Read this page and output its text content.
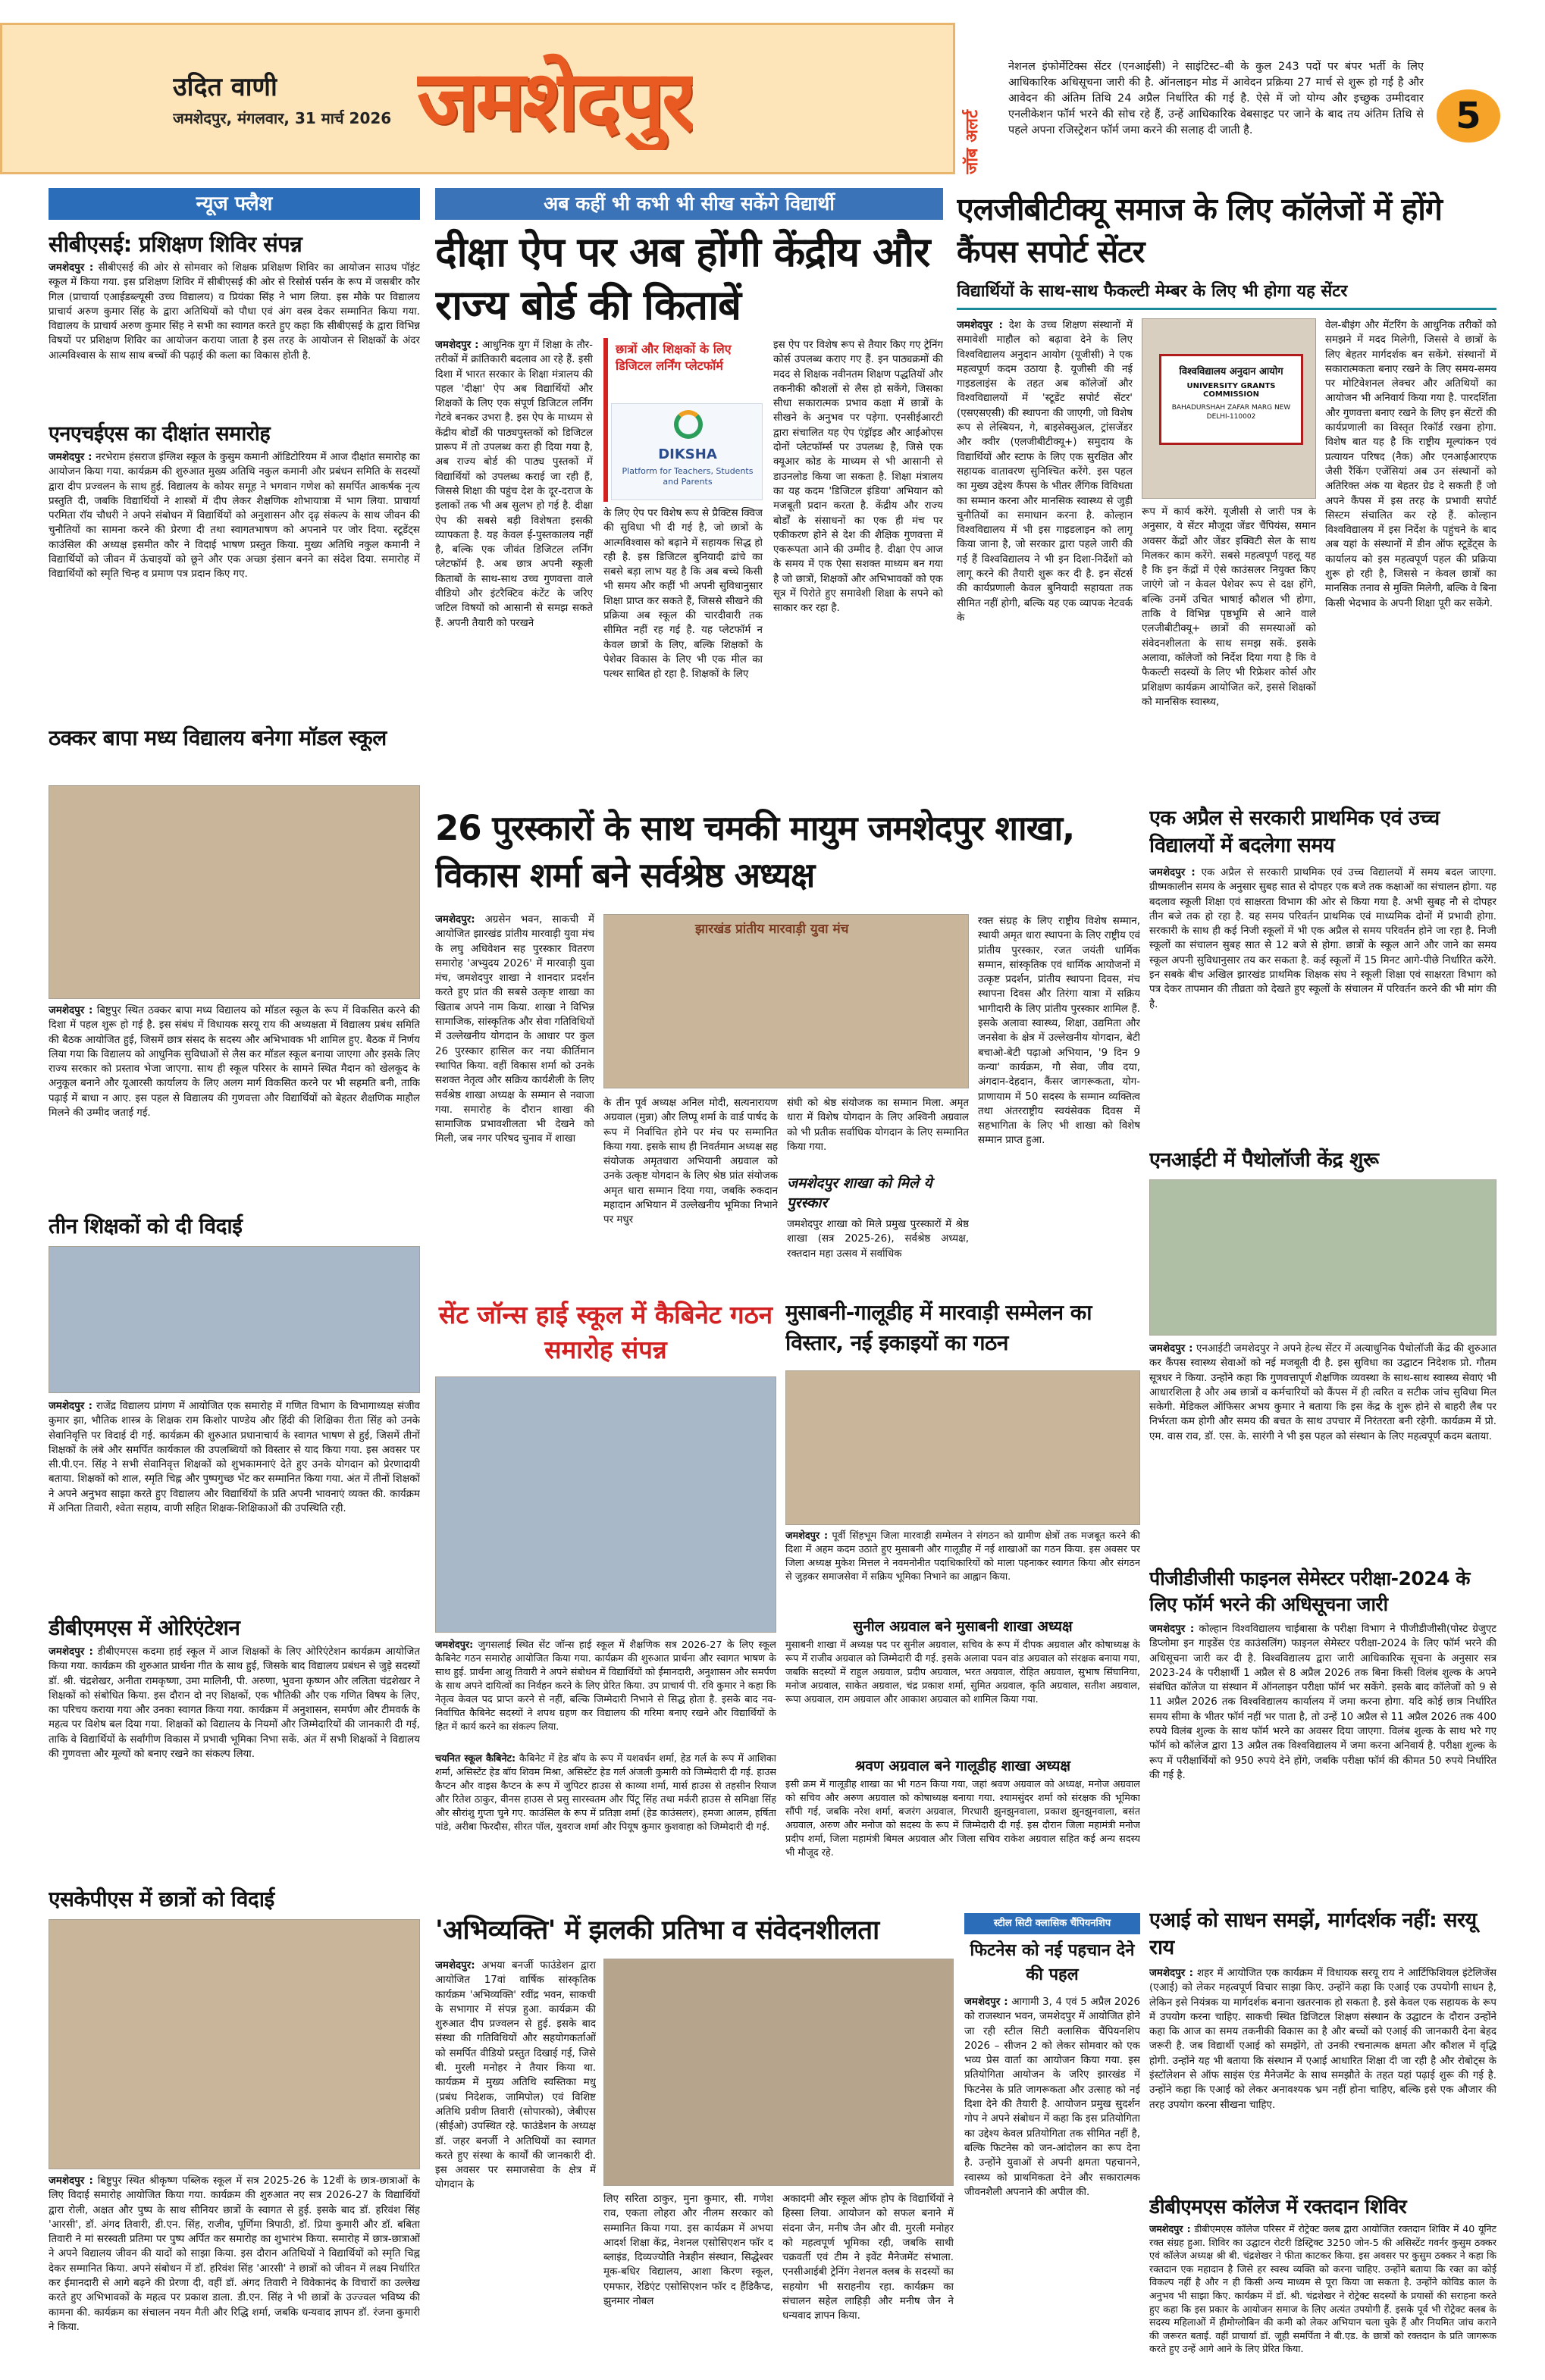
उदित वाणी
जमशेदपुर, मंगलवार, 31 मार्च 2026 जमशेदपुर	जॉब अलर्ट
नेशनल इंफोर्मेटिक्स सेंटर (एनआईसी) ने साइंटिस्ट–बी के कुल 243 पदों पर बंपर भर्ती के लिए आधिकारिक अधिसूचना जारी की है. ऑनलाइन मोड में आवेदन प्रक्रिया 27 मार्च से शुरू हो गई है और आवेदन की अंतिम तिथि 24 अप्रैल निर्धारित की गई है. ऐसे में जो योग्य और इच्छुक उम्मीदवार एनलीकेशन फॉर्म भरने की सोच रहे हैं, उन्हें आधिकारिक वेबसाइट पर जाने के बाद तय अंतिम तिथि से पहले अपना रजिस्ट्रेशन फॉर्म जमा करने की सलाह दी जाती है.	5
न्यूज फ्लैश
सीबीएसई: प्रशिक्षण शिविर संपन्न
जमशेदपुर : सीबीएसई की ओर से सोमवार को शिक्षक प्रशिक्षण शिविर का आयोजन साउथ पॉइंट स्कूल में किया गया. इस प्रशिक्षण शिविर में सीबीएसई की ओर से रिसोर्स पर्सन के रूप में जसबीर कौर गिल (प्राचार्या एआईडब्ल्यूसी उच्च विद्यालय) व प्रियंका सिंह ने भाग लिया. इस मौके पर विद्यालय प्राचार्य अरुण कुमार सिंह के द्वारा अतिथियों को पौधा एवं अंग वस्त्र देकर सम्मानित किया गया. विद्यालय के प्राचार्य अरुण कुमार सिंह ने सभी का स्वागत करते हुए कहा कि सीबीएसई के द्वारा विभिन्न विषयों पर प्रशिक्षण शिविर का आयोजन कराया जाता है इस तरह के आयोजन से शिक्षकों के अंदर आत्मविश्वास के साथ साथ बच्चों की पढ़ाई की कला का विकास होती है.
एनएचईएस का दीक्षांत समारोह
जमशेदपुर : नरभेराम हंसराज इंग्लिश स्कूल के कुसुम कमानी ऑडिटोरियम में आज दीक्षांत समारोह का आयोजन किया गया. कार्यक्रम की शुरुआत मुख्य अतिथि नकुल कमानी और प्रबंधन समिति के सदस्यों द्वारा दीप प्रज्वलन के साथ हुई. विद्यालय के कोयर समूह ने भगवान गणेश को समर्पित आकर्षक नृत्य प्रस्तुति दी, जबकि विद्यार्थियों ने शास्त्रों में दीप लेकर शैक्षणिक शोभायात्रा में भाग लिया. प्राचार्या परमिता राॅय चौधरी ने अपने संबोधन में विद्यार्थियों को अनुशासन और दृढ़ संकल्प के साथ जीवन की चुनौतियों का सामना करने की प्रेरणा दी तथा स्वागतभाषण को अपनाने पर जोर दिया. स्टूडेंट्स काउंसिल की अध्यक्ष इसमीत कौर ने विदाई भाषण प्रस्तुत किया. मुख्य अतिथि नकुल कमानी ने विद्यार्थियों को जीवन में ऊंचाइयों को छूने और एक अच्छा इंसान बनने का संदेश दिया. समारोह में विद्यार्थियों को स्मृति चिन्ह व प्रमाण पत्र प्रदान किए गए.
ठक्कर बापा मध्य विद्यालय बनेगा मॉडल स्कूल
जमशेदपुर : बिष्टुपुर स्थित ठक्कर बापा मध्य विद्यालय को मॉडल स्कूल के रूप में विकसित करने की दिशा में पहल शुरू हो गई है. इस संबंध में विधायक सरयू राय की अध्यक्षता में विद्यालय प्रबंध समिति की बैठक आयोजित हुई, जिसमें छात्र संसद के सदस्य और अभिभावक भी शामिल हुए. बैठक में निर्णय लिया गया कि विद्यालय को आधुनिक सुविधाओं से लैस कर मॉडल स्कूल बनाया जाएगा और इसके लिए राज्य सरकार को प्रस्ताव भेजा जाएगा. साथ ही स्कूल परिसर के सामने स्थित मैदान को खेलकूद के अनुकूल बनाने और यूआरसी कार्यालय के लिए अलग मार्ग विकसित करने पर भी सहमति बनी, ताकि पढ़ाई में बाधा न आए. इस पहल से विद्यालय की गुणवत्ता और विद्यार्थियों को बेहतर शैक्षणिक माहौल मिलने की उम्मीद जताई गई.
तीन शिक्षकों को दी विदाई
जमशेदपुर : राजेंद्र विद्यालय प्रांगण में आयोजित एक समारोह में गणित विभाग के विभागाध्यक्ष संजीव कुमार झा, भौतिक शास्त्र के शिक्षक राम किशोर पाण्डेय और हिंदी की शिक्षिका रीता सिंह को उनके सेवानिवृत्ति पर विदाई दी गई. कार्यक्रम की शुरुआत प्रधानाचार्य के स्वागत भाषण से हुई, जिसमें तीनों शिक्षकों के लंबे और समर्पित कार्यकाल की उपलब्धियों को विस्तार से याद किया गया. इस अवसर पर सी.पी.एन. सिंह ने सभी सेवानिवृत्त शिक्षकों को शुभकामनाएं देते हुए उनके योगदान को प्रेरणादायी बताया. शिक्षकों को शाल, स्मृति चिह्न और पुष्पगुच्छ भेंट कर सम्मानित किया गया. अंत में तीनों शिक्षकों ने अपने अनुभव साझा करते हुए विद्यालय और विद्यार्थियों के प्रति अपनी भावनाएं व्यक्त की. कार्यक्रम में अनिता तिवारी, श्वेता सहाय, वाणी सहित शिक्षक-शिक्षिकाओं की उपस्थिति रही.
डीबीएमएस में ओरिएंटेशन
जमशेदपुर : डीबीएमएस कदमा हाई स्कूल में आज शिक्षकों के लिए ओरिएंटेशन कार्यक्रम आयोजित किया गया. कार्यक्रम की शुरुआत प्रार्थना गीत के साथ हुई, जिसके बाद विद्यालय प्रबंधन से जुड़े सदस्यों डॉ. श्री. चंद्रशेखर, अनीता रामकृष्णा, उमा मालिनी, पी. अरुणा, भुवना कृष्णन और ललिता चंद्रशेखर ने शिक्षकों को संबोधित किया. इस दौरान दो नए शिक्षकों, एक भौतिकी और एक गणित विषय के लिए, का परिचय कराया गया और उनका स्वागत किया गया. कार्यक्रम में अनुशासन, समर्पण और टीमवर्क के महत्व पर विशेष बल दिया गया. शिक्षकों को विद्यालय के नियमों और जिम्मेदारियों की जानकारी दी गई, ताकि वे विद्यार्थियों के सर्वांगीण विकास में प्रभावी भूमिका निभा सकें. अंत में सभी शिक्षकों ने विद्यालय की गुणवत्ता और मूल्यों को बनाए रखने का संकल्प लिया.
एसकेपीएस में छात्रों को विदाई
जमशेदपुर : बिष्टुपुर स्थित श्रीकृष्ण पब्लिक स्कूल में सत्र 2025-26 के 12वीं के छात्र-छात्राओं के लिए विदाई समारोह आयोजित किया गया. कार्यक्रम की शुरुआत नए सत्र 2026-27 के विद्यार्थियों द्वारा रोली, अक्षत और पुष्प के साथ सीनियर छात्रों के स्वागत से हुई. इसके बाद डॉ. हरिवंश सिंह 'आरसी', डॉ. अंगद तिवारी, डी.एन. सिंह, राजीव, पूर्णिमा त्रिपाठी, डॉ. प्रिया कुमारी और डॉ. बबिता तिवारी ने मां सरस्वती प्रतिमा पर पुष्प अर्पित कर समारोह का शुभारंभ किया. समारोह में छात्र-छात्राओं ने अपने विद्यालय जीवन की यादों को साझा किया. इस दौरान अतिथियों ने विद्यार्थियों को स्मृति चिह्न देकर सम्मानित किया. अपने संबोधन में डॉ. हरिवंश सिंह 'आरसी' ने छात्रों को जीवन में लक्ष्य निर्धारित कर ईमानदारी से आगे बढ़ने की प्रेरणा दी, वहीं डॉ. अंगद तिवारी ने विवेकानंद के विचारों का उल्लेख करते हुए अभिभावकों के महत्व पर प्रकाश डाला. डी.एन. सिंह ने भी छात्रों के उज्ज्वल भविष्य की कामना की. कार्यक्रम का संचालन नयन मैती और रिद्धि शर्मा, जबकि धन्यवाद ज्ञापन डॉ. रंजना कुमारी ने किया.
अब कहीं भी कभी भी सीख सकेंगे विद्यार्थी
दीक्षा ऐप पर अब होंगी केंद्रीय और राज्य बोर्ड की किताबें
जमशेदपुर : आधुनिक युग में शिक्षा के तौर-तरीकों में क्रांतिकारी बदलाव आ रहे हैं. इसी दिशा में भारत सरकार के शिक्षा मंत्रालय की पहल 'दीक्षा' ऐप अब विद्यार्थियों और शिक्षकों के लिए एक संपूर्ण डिजिटल लर्निंग गेटवे बनकर उभरा है. इस ऐप के माध्यम से केंद्रीय बोर्डों की पाठ्यपुस्तकों को डिजिटल प्रारूप में तो उपलब्ध करा ही दिया गया है, अब राज्य बोर्ड की पाठ्य पुस्तकों में विद्यार्थियों को उपलब्ध कराई जा रही हैं, जिससे शिक्षा की पहुंच देश के दूर-दराज के इलाकों तक भी अब सुलभ हो गई है. दीक्षा ऐप की सबसे बड़ी विशेषता इसकी व्यापकता है. यह केवल ई-पुस्तकालय नहीं है, बल्कि एक जीवंत डिजिटल लर्निंग प्लेटफॉर्म है. अब छात्र अपनी स्कूली किताबों के साथ-साथ उच्च गुणवत्ता वाले वीडियो और इंटरैक्टिव कंटेंट के जरिए जटिल विषयों को आसानी से समझ सकते हैं. अपनी तैयारी को परखने
छात्रों और शिक्षकों के लिए डिजिटल लर्निंग प्लेटफॉर्म
DIKSHA
Platform for Teachers, Students and Parents
के लिए ऐप पर विशेष रूप से प्रैक्टिस क्विज की सुविधा भी दी गई है, जो छात्रों के आत्मविश्वास को बढ़ाने में सहायक सिद्ध हो रही है. इस डिजिटल बुनियादी ढांचे का सबसे बड़ा लाभ यह है कि अब बच्चे किसी भी समय और कहीं भी अपनी सुविधानुसार शिक्षा प्राप्त कर सकते हैं, जिससे सीखने की प्रक्रिया अब स्कूल की चारदीवारी तक सीमित नहीं रह गई है. यह प्लेटफॉर्म न केवल छात्रों के लिए, बल्कि शिक्षकों के पेशेवर विकास के लिए भी एक मील का पत्थर साबित हो रहा है. शिक्षकों के लिए
इस ऐप पर विशेष रूप से तैयार किए गए ट्रेनिंग कोर्स उपलब्ध कराए गए हैं. इन पाठ्यक्रमों की मदद से शिक्षक नवीनतम शिक्षण पद्धतियों और तकनीकी कौशलों से लैस हो सकेंगे, जिसका सीधा सकारात्मक प्रभाव कक्षा में छात्रों के सीखने के अनुभव पर पड़ेगा. एनसीईआरटी द्वारा संचालित यह ऐप एंड्रॉइड और आईओएस दोनों प्लेटफॉर्म्स पर उपलब्ध है, जिसे एक क्यूआर कोड के माध्यम से भी आसानी से डाउनलोड किया जा सकता है. शिक्षा मंत्रालय का यह कदम 'डिजिटल इंडिया' अभियान को मजबूती प्रदान करता है. केंद्रीय और राज्य बोर्डों के संसाधनों का एक ही मंच पर एकीकरण होने से देश की शैक्षिक गुणवत्ता में एकरूपता आने की उम्मीद है. दीक्षा ऐप आज के समय में एक ऐसा सशक्त माध्यम बन गया है जो छात्रों, शिक्षकों और अभिभावकों को एक सूत्र में पिरोते हुए समावेशी शिक्षा के सपने को साकार कर रहा है.
एलजीबीटीक्यू समाज के लिए कॉलेजों में होंगे कैंपस सपोर्ट सेंटर
विद्यार्थियों के साथ-साथ फैकल्टी मेम्बर के लिए भी होगा यह सेंटर
जमशेदपुर : देश के उच्च शिक्षण संस्थानों में समावेशी माहौल को बढ़ावा देने के लिए विश्वविद्यालय अनुदान आयोग (यूजीसी) ने एक महत्वपूर्ण कदम उठाया है. यूजीसी की नई गाइडलाइंस के तहत अब कॉलेजों और विश्वविद्यालयों में 'स्टूडेंट सपोर्ट सेंटर' (एसएसएसी) की स्थापना की जाएगी, जो विशेष रूप से लेस्बियन, गे, बाइसेक्सुअल, ट्रांसजेंडर और क्वीर (एलजीबीटीक्यू+) समुदाय के विद्यार्थियों और स्टाफ के लिए एक सुरक्षित और सहायक वातावरण सुनिश्चित करेंगे. इस पहल का मुख्य उद्देश्य कैंपस के भीतर लैंगिक विविधता का सम्मान करना और मानसिक स्वास्थ्य से जुड़ी चुनौतियों का समाधान करना है. कोल्हान विश्वविद्यालय में भी इस गाइडलाइन को लागू किया जाना है, जो सरकार द्वारा पहले जारी की गई हैं विश्वविद्यालय ने भी इन दिशा-निर्देशों को लागू करने की तैयारी शुरू कर दी है. इन सेंटर्स की कार्यप्रणाली केवल बुनियादी सहायता तक सीमित नहीं होगी, बल्कि यह एक व्यापक नेटवर्क के
विश्वविद्यालय अनुदान आयोग
UNIVERSITY GRANTS COMMISSION
BAHADURSHAH ZAFAR MARG NEW DELHI-110002
रूप में कार्य करेंगे. यूजीसी से जारी पत्र के अनुसार, ये सेंटर मौजूदा जेंडर चैंपियंस, समान अवसर केंद्रों और जेंडर इक्विटी सेल के साथ मिलकर काम करेंगे. सबसे महत्वपूर्ण पहलू यह है कि इन केंद्रों में ऐसे काउंसलर नियुक्त किए जाएंगे जो न केवल पेशेवर रूप से दक्ष होंगे, बल्कि उनमें उचित भाषाई कौशल भी होगा, ताकि वे विभिन्न पृष्ठभूमि से आने वाले एलजीबीटीक्यू+ छात्रों की समस्याओं को संवेदनशीलता के साथ समझ सकें. इसके अलावा, कॉलेजों को निर्देश दिया गया है कि वे फैकल्टी सदस्यों के लिए भी रिफ्रेशर कोर्स और प्रशिक्षण कार्यक्रम आयोजित करें, इससे शिक्षकों को मानसिक स्वास्थ्य,
वेल-बीइंग और मेंटरिंग के आधुनिक तरीकों को समझने में मदद मिलेगी, जिससे वे छात्रों के लिए बेहतर मार्गदर्शक बन सकेंगे. संस्थानों में सकारात्मकता बनाए रखने के लिए समय-समय पर मोटिवेशनल लेक्चर और अतिथियों का आयोजन भी अनिवार्य किया गया है. पारदर्शिता और गुणवत्ता बनाए रखने के लिए इन सेंटरों की कार्यप्रणाली का विस्तृत रिकॉर्ड रखना होगा. विशेष बात यह है कि राष्ट्रीय मूल्यांकन एवं प्रत्यायन परिषद (नैक) और एनआईआरएफ जैसी रैंकिंग एजेंसियां अब उन संस्थानों को अतिरिक्त अंक या बेहतर ग्रेड दे सकती हैं जो अपने कैंपस में इस तरह के प्रभावी सपोर्ट सिस्टम संचालित कर रहे हैं. कोल्हान विश्वविद्यालय में इस निर्देश के पहुंचने के बाद अब यहां के संस्थानों में डीन ऑफ स्टूडेंट्स के कार्यालय को इस महत्वपूर्ण पहल की प्रक्रिया शुरू हो रही है, जिससे न केवल छात्रों का मानसिक तनाव से मुक्ति मिलेगी, बल्कि वे बिना किसी भेदभाव के अपनी शिक्षा पूरी कर सकेंगे.
26 पुरस्कारों के साथ चमकी मायुम जमशेदपुर शाखा, विकास शर्मा बने सर्वश्रेष्ठ अध्यक्ष
जमशेदपुर: अग्रसेन भवन, साकची में आयोजित झारखंड प्रांतीय मारवाड़ी युवा मंच के लघु अधिवेशन सह पुरस्कार वितरण समारोह 'अभ्युदय 2026' में मारवाड़ी युवा मंच, जमशेदपुर शाखा ने शानदार प्रदर्शन करते हुए प्रांत की सबसे उत्कृष्ट शाखा का खिताब अपने नाम किया. शाखा ने विभिन्न सामाजिक, सांस्कृतिक और सेवा गतिविधियों में उल्लेखनीय योगदान के आधार पर कुल 26 पुरस्कार हासिल कर नया कीर्तिमान स्थापित किया. वहीं विकास शर्मा को उनके सशक्त नेतृत्व और सक्रिय कार्यशैली के लिए सर्वश्रेष्ठ शाखा अध्यक्ष के सम्मान से नवाजा गया. समारोह के दौरान शाखा की सामाजिक प्रभावशीलता भी देखने को मिली, जब नगर परिषद चुनाव में शाखा
झारखंड प्रांतीय मारवाड़ी युवा मंच
के तीन पूर्व अध्यक्ष अनिल मोदी, सत्यनारायण अग्रवाल (मुन्ना) और लिप्पू शर्मा के वार्ड पार्षद के रूप में निर्वाचित होने पर मंच पर सम्मानित किया गया. इसके साथ ही निवर्तमान अध्यक्ष सह संयोजक अमृतधारा अभियानी अग्रवाल को उनके उत्कृष्ट योगदान के लिए श्रेष्ठ प्रांत संयोजक अमृत धारा सम्मान दिया गया, जबकि रुकदान महादान अभियान में उल्लेखनीय भूमिका निभाने पर मधुर
संघी को श्रेष्ठ संयोजक का सम्मान मिला. अमृत धारा में विशेष योगदान के लिए अश्विनी अग्रवाल को भी प्रतीक सर्वाधिक योगदान के लिए सम्मानित किया गया.
जमशेदपुर शाखा को मिले ये पुरस्कार
जमशेदपुर शाखा को मिले प्रमुख पुरस्कारों में श्रेष्ठ शाखा (सत्र 2025-26), सर्वश्रेष्ठ अध्यक्ष, रक्तदान महा उत्सव में सर्वाधिक
रक्त संग्रह के लिए राष्ट्रीय विशेष सम्मान, स्थायी अमृत धारा स्थापना के लिए राष्ट्रीय एवं प्रांतीय पुरस्कार, रजत जयंती धार्मिक सम्मान, सांस्कृतिक एवं धार्मिक आयोजनों में उत्कृष्ट प्रदर्शन, प्रांतीय स्थापना दिवस, मंच स्थापना दिवस और तिरंगा यात्रा में सक्रिय भागीदारी के लिए प्रांतीय पुरस्कार शामिल हैं. इसके अलावा स्वास्थ्य, शिक्षा, उद्यमिता और जनसेवा के क्षेत्र में उल्लेखनीय योगदान, बेटी बचाओ-बेटी पढ़ाओ अभियान, '9 दिन 9 कन्या' कार्यक्रम, गौ सेवा, जीव दया, अंगदान-देहदान, कैंसर जागरूकता, योग-प्राणायाम में 50 सदस्य के सम्मान व्यक्तित्व तथा अंतरराष्ट्रीय स्वयंसेवक दिवस में सहभागिता के लिए भी शाखा को विशेष सम्मान प्राप्त हुआ.
एक अप्रैल से सरकारी प्राथमिक एवं उच्च विद्यालयों में बदलेगा समय
जमशेदपुर : एक अप्रैल से सरकारी प्राथमिक एवं उच्च विद्यालयों में समय बदल जाएगा. ग्रीष्मकालीन समय के अनुसार सुबह सात से दोपहर एक बजे तक कक्षाओं का संचालन होगा. यह बदलाव स्कूली शिक्षा एवं साक्षरता विभाग की ओर से किया गया है. अभी सुबह नौ से दोपहर तीन बजे तक हो रहा है. यह समय परिवर्तन प्राथमिक एवं माध्यमिक दोनों में प्रभावी होगा. सरकारी के साथ ही कई निजी स्कूलों में भी एक अप्रैल से समय परिवर्तन होने जा रहा है. निजी स्कूलों का संचालन सुबह सात से 12 बजे से होगा. छात्रों के स्कूल आने और जाने का समय स्कूल अपनी सुविधानुसार तय कर सकता है. कई स्कूलों में 15 मिनट आगे-पीछे निर्धारित करेंगे. इन सबके बीच अखिल झारखंड प्राथमिक शिक्षक संघ ने स्कूली शिक्षा एवं साक्षरता विभाग को पत्र देकर तापमान की तीव्रता को देखते हुए स्कूलों के संचालन में परिवर्तन करने की भी मांग की है.
एनआईटी में पैथोलॉजी केंद्र शुरू
जमशेदपुर : एनआईटी जमशेदपुर ने अपने हेल्थ सेंटर में अत्याधुनिक पैथोलॉजी केंद्र की शुरुआत कर कैंपस स्वास्थ्य सेवाओं को नई मजबूती दी है. इस सुविधा का उद्घाटन निदेशक प्रो. गौतम सूत्रधर ने किया. उन्होंने कहा कि गुणवत्तापूर्ण शैक्षणिक व्यवस्था के साथ-साथ स्वास्थ्य सेवाएं भी आधारशिला है और अब छात्रों व कर्मचारियों को कैंपस में ही त्वरित व सटीक जांच सुविधा मिल सकेगी. मेडिकल ऑफिसर अभय कुमार ने बताया कि इस केंद्र के शुरू होने से बाहरी लैब पर निर्भरता कम होगी और समय की बचत के साथ उपचार में निरंतरता बनी रहेगी. कार्यक्रम में प्रो. एम. वास राव, डॉ. एस. के. सारंगी ने भी इस पहल को संस्थान के लिए महत्वपूर्ण कदम बताया.
पीजीडीजीसी फाइनल सेमेस्टर परीक्षा-2024 के लिए फॉर्म भरने की अधिसूचना जारी
जमशेदपुर : कोल्हान विश्वविद्यालय चाईबासा के परीक्षा विभाग ने पीजीडीजीसी(पोस्ट ग्रेजुएट डिप्लोमा इन गाइडेंस एंड काउंसलिंग) फाइनल सेमेस्टर परीक्षा-2024 के लिए फॉर्म भरने की अधिसूचना जारी कर दी है. विश्वविद्यालय द्वारा जारी आधिकारिक सूचना के अनुसार सत्र 2023-24 के परीक्षार्थी 1 अप्रैल से 8 अप्रैल 2026 तक बिना किसी विलंब शुल्क के अपने संबंधित कॉलेज या संस्थान में ऑनलाइन परीक्षा फॉर्म भर सकेंगे. इसके बाद कॉलेजों को 9 से 11 अप्रैल 2026 तक विश्वविद्यालय कार्यालय में जमा करना होगा. यदि कोई छात्र निर्धारित समय सीमा के भीतर फॉर्म नहीं भर पाता है, तो उन्हें 10 अप्रैल से 11 अप्रैल 2026 तक 400 रुपये विलंब शुल्क के साथ फॉर्म भरने का अवसर दिया जाएगा. विलंब शुल्क के साथ भरे गए फॉर्म को कॉलेज द्वारा 13 अप्रैल तक विश्वविद्यालय में जमा करना अनिवार्य है. परीक्षा शुल्क के रूप में परीक्षार्थियों को 950 रुपये देने होंगे, जबकि परीक्षा फॉर्म की कीमत 50 रुपये निर्धारित की गई है.
एआई को साधन समझें, मार्गदर्शक नहीं: सरयू राय
जमशेदपुर : शहर में आयोजित एक कार्यक्रम में विधायक सरयू राय ने आर्टिफिशियल इंटेलिजेंस (एआई) को लेकर महत्वपूर्ण विचार साझा किए. उन्होंने कहा कि एआई एक उपयोगी साधन है, लेकिन इसे नियंत्रक या मार्गदर्शक बनाना खतरनाक हो सकता है. इसे केवल एक सहायक के रूप में उपयोग करना चाहिए. साकची स्थित डिजिटल शिक्षण संस्थान के उद्घाटन के दौरान उन्होंने कहा कि आज का समय तकनीकी विकास का है और बच्चों को एआई की जानकारी देना बेहद जरूरी है. जब विद्यार्थी एआई को समझेंगे, तो उनकी रचनात्मक क्षमता और कौशल में वृद्धि होगी. उन्होंने यह भी बताया कि संस्थान में एआई आधारित शिक्षा दी जा रही है और रोबोट्स के इंस्टॉलेशन से ऑफ साइंस एंड मैनेजमेंट के साथ समझौते के तहत यहां पढ़ाई शुरू की गई है. उन्होंने कहा कि एआई को लेकर अनावश्यक भ्रम नहीं होना चाहिए, बल्कि इसे एक औजार की तरह उपयोग करना सीखना चाहिए.
डीबीएमएस कॉलेज में रक्तदान शिविर
जमशेदपुर : डीबीएमएस कॉलेज परिसर में रोट्रेक्ट क्लब द्वारा आयोजित रक्तदान शिविर में 40 यूनिट रक्त संग्रह हुआ. शिविर का उद्घाटन रोटरी डिस्ट्रिक्ट 3250 जोन-5 की असिस्टेंट गवर्नर कुसुम ठक्कर एवं कॉलेज अध्यक्ष श्री बी. चंद्रशेखर ने फीता काटकर किया. इस अवसर पर कुसुम ठक्कर ने कहा कि रक्तदान एक महादान है जिसे हर स्वस्थ व्यक्ति को करना चाहिए. उन्होंने बताया कि रक्त का कोई विकल्प नहीं है और न ही किसी अन्य माध्यम से पूरा किया जा सकता है. उन्होंने कोविड काल के अनुभव भी साझा किए. कार्यक्रम में डॉ. श्री. चंद्रशेखर ने रोट्रेक्ट सदस्यों के प्रयासों की सराहना करते हुए कहा कि इस प्रकार के आयोजन समाज के लिए अत्यंत उपयोगी हैं. इसके पूर्व भी रोट्रेक्ट क्लब के सदस्य महिलाओं में हीमोग्लोबिन की कमी को लेकर अभियान चला चुके हैं और नियमित जांच कराने की जरूरत बताई. वहीं प्राचार्या डॉ. जूही समर्पिता ने बी.एड. के छात्रों को रक्तदान के प्रति जागरूक करते हुए उन्हें आगे आने के लिए प्रेरित किया.
सेंट जॉन्स हाई स्कूल में कैबिनेट गठन समारोह संपन्न
जमशेदपुर: जुगसलाई स्थित सेंट जॉन्स हाई स्कूल में शैक्षणिक सत्र 2026-27 के लिए स्कूल कैबिनेट गठन समारोह आयोजित किया गया. कार्यक्रम की शुरुआत प्रार्थना और स्वागत भाषण के साथ हुई. प्रार्थना आशु तिवारी ने अपने संबोधन में विद्यार्थियों को ईमानदारी, अनुशासन और समर्पण के साथ अपने दायित्वों का निर्वहन करने के लिए प्रेरित किया. उप प्राचार्य पी. रवि कुमार ने कहा कि नेतृत्व केवल पद प्राप्त करने से नहीं, बल्कि जिम्मेदारी निभाने से सिद्ध होता है. इसके बाद नव-निर्वाचित कैबिनेट सदस्यों ने शपथ ग्रहण कर विद्यालय की गरिमा बनाए रखने और विद्यार्थियों के हित में कार्य करने का संकल्प लिया.
चयनित स्कूल कैबिनेट: कैबिनेट में हेड बॉय के रूप में यशवर्धन शर्मा, हेड गर्ल के रूप में आशिका शर्मा, असिस्टेंट हेड बॉय शिवम मिश्रा, असिस्टेंट हेड गर्ल अंजली कुमारी को जिम्मेदारी दी गई. हाउस कैप्टन और वाइस कैप्टन के रूप में जुपिटर हाउस से काव्या शर्मा, मार्स हाउस से तहसीन रियाज और रितेश ठाकुर, वीनस हाउस से प्रसु सारस्वतम और पिंटू सिंह तथा मर्करी हाउस से समिक्षा सिंह और सौरांशु गुप्ता चुने गए. काउंसिल के रूप में प्रतिज्ञा शर्मा (हेड काउंसलर), हमजा आलम, हर्षिता पांडे, अरीबा फिरदौस, सीरत पॉल, युवराज शर्मा और पियूष कुमार कुशवाहा को जिम्मेदारी दी गई.
मुसाबनी-गालूडीह में मारवाड़ी सम्मेलन का विस्तार, नई इकाइयों का गठन
जमशेदपुर : पूर्वी सिंहभूम जिला मारवाड़ी सम्मेलन ने संगठन को ग्रामीण क्षेत्रों तक मजबूत करने की दिशा में अहम कदम उठाते हुए मुसाबनी और गालूडीह में नई शाखाओं का गठन किया. इस अवसर पर जिला अध्यक्ष मुकेश मित्तल ने नवमनोनीत पदाधिकारियों को माला पहनाकर स्वागत किया और संगठन से जुड़कर समाजसेवा में सक्रिय भूमिका निभाने का आह्वान किया.
सुनील अग्रवाल बने मुसाबनी शाखा अध्यक्ष
मुसाबनी शाखा में अध्यक्ष पद पर सुनील अग्रवाल, सचिव के रूप में दीपक अग्रवाल और कोषाध्यक्ष के रूप में राजीव अग्रवाल को जिम्मेदारी दी गई. इसके अलावा पवन वांड अग्रवाल को संरक्षक बनाया गया, जबकि सदस्यों में राहुल अग्रवाल, प्रदीप अग्रवाल, भरत अग्रवाल, रोहित अग्रवाल, सुभाष सिंघानिया, मनोज अग्रवाल, साकेत अग्रवाल, चंद्र प्रकाश शर्मा, सुमित अग्रवाल, कृति अग्रवाल, सतीश अग्रवाल, रूपा अग्रवाल, राम अग्रवाल और आकाश अग्रवाल को शामिल किया गया.
श्रवण अग्रवाल बने गालूडीह शाखा अध्यक्ष
इसी क्रम में गालूडीह शाखा का भी गठन किया गया, जहां श्रवण अग्रवाल को अध्यक्ष, मनोज अग्रवाल को सचिव और अरुण अग्रवाल को कोषाध्यक्ष बनाया गया. श्यामसुंदर शर्मा को संरक्षक की भूमिका सौंपी गई, जबकि नरेश शर्मा, बजरंग अग्रवाल, गिरधारी झुनझुनवाला, प्रकाश झुनझुनवाला, बसंत अग्रवाल, अरुण और मनोज को सदस्य के रूप में जिम्मेदारी दी गई. इस दौरान जिला महामंत्री मनोज प्रदीप शर्मा, जिला महामंत्री बिमल अग्रवाल और जिला सचिव राकेश अग्रवाल सहित कई अन्य सदस्य भी मौजूद रहे.
'अभिव्यक्ति' में झलकी प्रतिभा व संवेदनशीलता
जमशेदपुर: अभया बनर्जी फाउंडेशन द्वारा आयोजित 17वां वार्षिक सांस्कृतिक कार्यक्रम 'अभिव्यक्ति' रवींद्र भवन, साकची के सभागार में संपन्न हुआ. कार्यक्रम की शुरुआत दीप प्रज्वलन से हुई. इसके बाद संस्था की गतिविधियों और सहयोगकर्ताओं को समर्पित वीडियो प्रस्तुत दिखाई गई, जिसे बी. मुरली मनोहर ने तैयार किया था. कार्यक्रम में मुख्य अतिथि स्वस्तिका मधु (प्रबंध निदेशक, जामिपोल) एवं विशिष्ट अतिथि प्रवीण तिवारी (सोपारको), जेबीएस (सीईओ) उपस्थित रहे. फाउंडेशन के अध्यक्ष डॉ. जहर बनर्जी ने अतिथियों का स्वागत करते हुए संस्था के कार्यों की जानकारी दी. इस अवसर पर समाजसेवा के क्षेत्र में योगदान के
लिए सरिता ठाकुर, मुना कुमार, सी. गणेश राव, एकता लोहरा और नीलम सरकार को सम्मानित किया गया. इस कार्यक्रम में अभया आदर्श शिक्षा केंद्र, नेशनल एसोसिएशन फॉर द ब्लाइंड, दिव्यज्योति नेत्रहीन संस्थान, सिद्धेश्वर मूक-बधिर विद्यालय, आशा किरण स्कूल, एमफार, रेडिएंट एसोसिएशन फॉर द हैंडिकैप्ड, झुनमार नोबल
अकादमी और स्कूल ऑफ होप के विद्यार्थियों ने हिस्सा लिया. आयोजन को सफल बनाने में संदना जैन, मनीष जैन और वी. मुरली मनोहर को महत्वपूर्ण भूमिका रही, जबकि साथी चक्रवर्ती एवं टीम ने इवेंट मैनेजमेंट संभाला. एनसीआईबी ट्रेनिंग नेशनल क्लब के सदस्यों का सहयोग भी सराहनीय रहा. कार्यक्रम का संचालन सहेल लाहिड़ी और मनीष जैन ने धन्यवाद ज्ञापन किया.
स्टील सिटी क्लासिक चैंपियनशिप
फिटनेस को नई पहचान देने की पहल
जमशेदपुर : आगामी 3, 4 एवं 5 अप्रैल 2026 को राजस्थान भवन, जमशेदपुर में आयोजित होने जा रही स्टील सिटी क्लासिक चैंपियनशिप 2026 – सीजन 2 को लेकर सोमवार को एक भव्य प्रेस वार्ता का आयोजन किया गया. इस प्रतियोगिता आयोजन के जरिए झारखंड में फिटनेस के प्रति जागरूकता और उत्साह को नई दिशा देने की तैयारी है. आयोजन प्रमुख सुदर्शन गोप ने अपने संबोधन में कहा कि इस प्रतियोगिता का उद्देश्य केवल प्रतियोगिता तक सीमित नहीं है, बल्कि फिटनेस को जन-आंदोलन का रूप देना है. उन्होंने युवाओं से अपनी क्षमता पहचानने, स्वास्थ्य को प्राथमिकता देने और सकारात्मक जीवनशैली अपनाने की अपील की.
